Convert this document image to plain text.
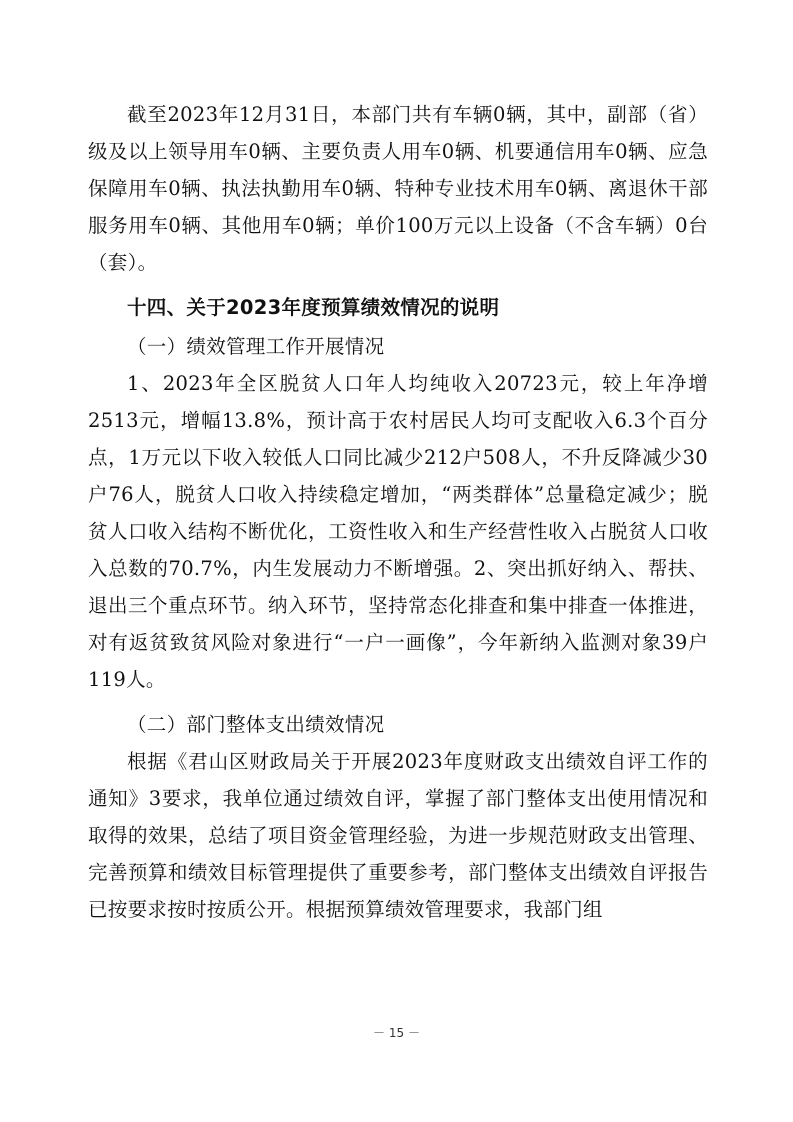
截至2023年12月31日，本部门共有车辆0辆，其中，副部（省）级及以上领导用车0辆、主要负责人用车0辆、机要通信用车0辆、应急保障用车0辆、执法执勤用车0辆、特种专业技术用车0辆、离退休干部服务用车0辆、其他用车0辆；单价100万元以上设备（不含车辆）0台（套）。

十四、关于2023年度预算绩效情况的说明

（一）绩效管理工作开展情况

1、2023年全区脱贫人口年人均纯收入20723元，较上年净增2513元，增幅13.8%，预计高于农村居民人均可支配收入6.3个百分点，1万元以下收入较低人口同比减少212户508人，不升反降减少30户76人，脱贫人口收入持续稳定增加，“两类群体”总量稳定减少；脱贫人口收入结构不断优化，工资性收入和生产经营性收入占脱贫人口收入总数的70.7%，内生发展动力不断增强。2、突出抓好纳入、帮扶、退出三个重点环节。纳入环节，坚持常态化排查和集中排查一体推进，对有返贫致贫风险对象进行“一户一画像”，今年新纳入监测对象39户119人。

（二）部门整体支出绩效情况

根据《君山区财政局关于开展2023年度财政支出绩效自评工作的通知》3要求，我单位通过绩效自评，掌握了部门整体支出使用情况和取得的效果，总结了项目资金管理经验，为进一步规范财政支出管理、完善预算和绩效目标管理提供了重要参考，部门整体支出绩效自评报告已按要求按时按质公开。根据预算绩效管理要求，我部门组

－ 15 －
